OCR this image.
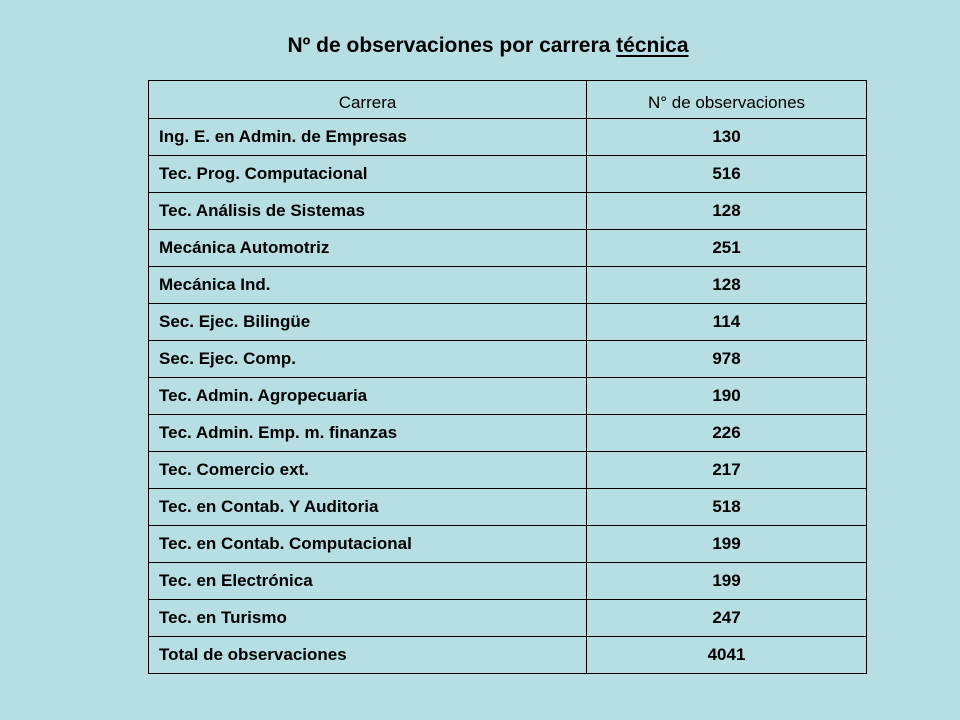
Nº de observaciones por carrera técnica
Carrera	N° de observaciones
Ing. E. en Admin. de Empresas	130
Tec. Prog. Computacional	516
Tec. Análisis de Sistemas	128
Mecánica Automotriz	251
Mecánica Ind.	128
Sec. Ejec. Bilingüe	114
Sec. Ejec. Comp.	978
Tec. Admin. Agropecuaria	190
Tec. Admin. Emp. m. finanzas	226
Tec. Comercio ext.	217
Tec. en Contab. Y Auditoria	518
Tec. en Contab. Computacional	199
Tec. en Electrónica	199
Tec. en Turismo	247
Total de observaciones	4041
